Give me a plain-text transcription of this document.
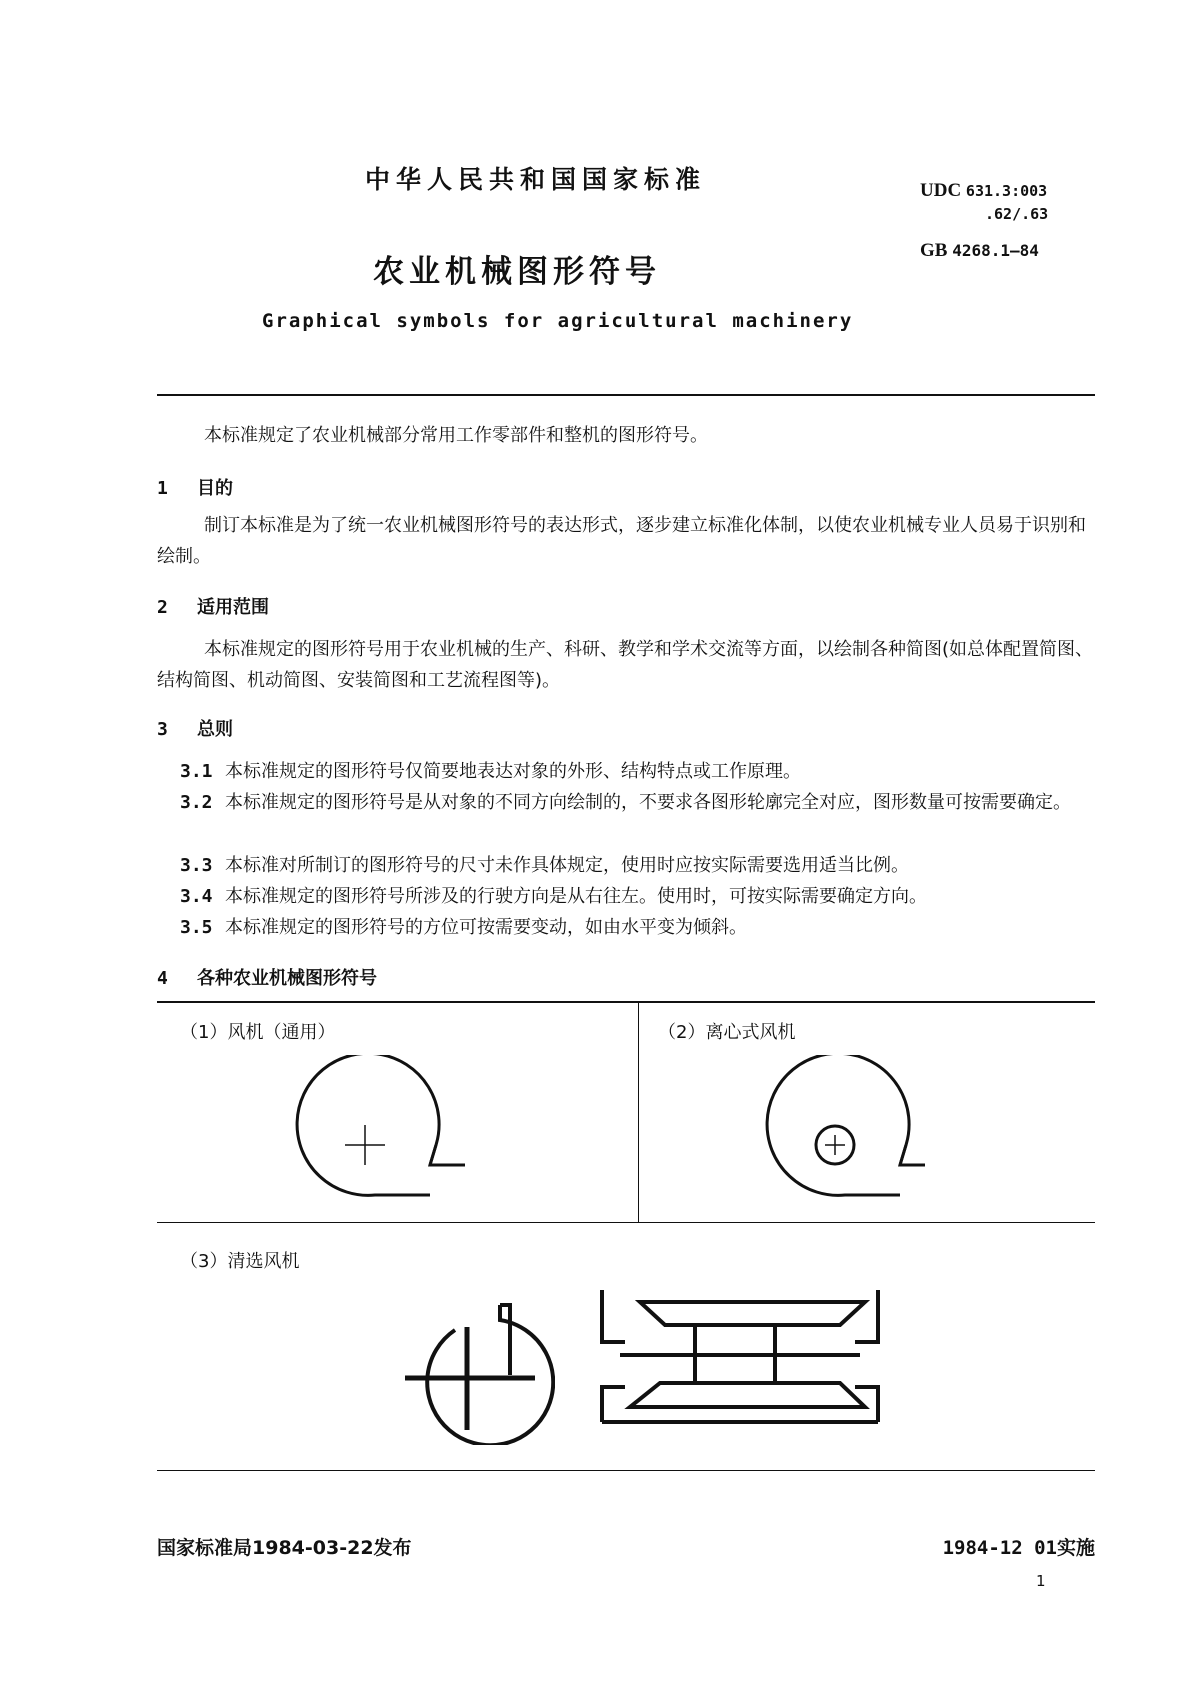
中华人民共和国国家标准	UDC 631.3:003
.62/.63
GB 4268.1—84
农业机械图形符号
Graphical symbols for agricultural machinery
本标准规定了农业机械部分常用工作零部件和整机的图形符号。
1 目的
制订本标准是为了统一农业机械图形符号的表达形式，逐步建立标准化体制，以使农业机械专业人员易于识别和绘制。
2 适用范围
本标准规定的图形符号用于农业机械的生产、科研、教学和学术交流等方面，以绘制各种简图(如总体配置简图、结构简图、机动简图、安装简图和工艺流程图等)。
3 总则
3.1 本标准规定的图形符号仅简要地表达对象的外形、结构特点或工作原理。
3.2 本标准规定的图形符号是从对象的不同方向绘制的，不要求各图形轮廓完全对应，图形数量可按需要确定。
3.3 本标准对所制订的图形符号的尺寸未作具体规定，使用时应按实际需要选用适当比例。
3.4 本标准规定的图形符号所涉及的行驶方向是从右往左。使用时，可按实际需要确定方向。
3.5 本标准规定的图形符号的方位可按需要变动，如由水平变为倾斜。
4 各种农业机械图形符号
（1）风机（通用）	（2）离心式风机
（3）清选风机
国家标准局1984-03-22发布	1984-12 01实施
1
